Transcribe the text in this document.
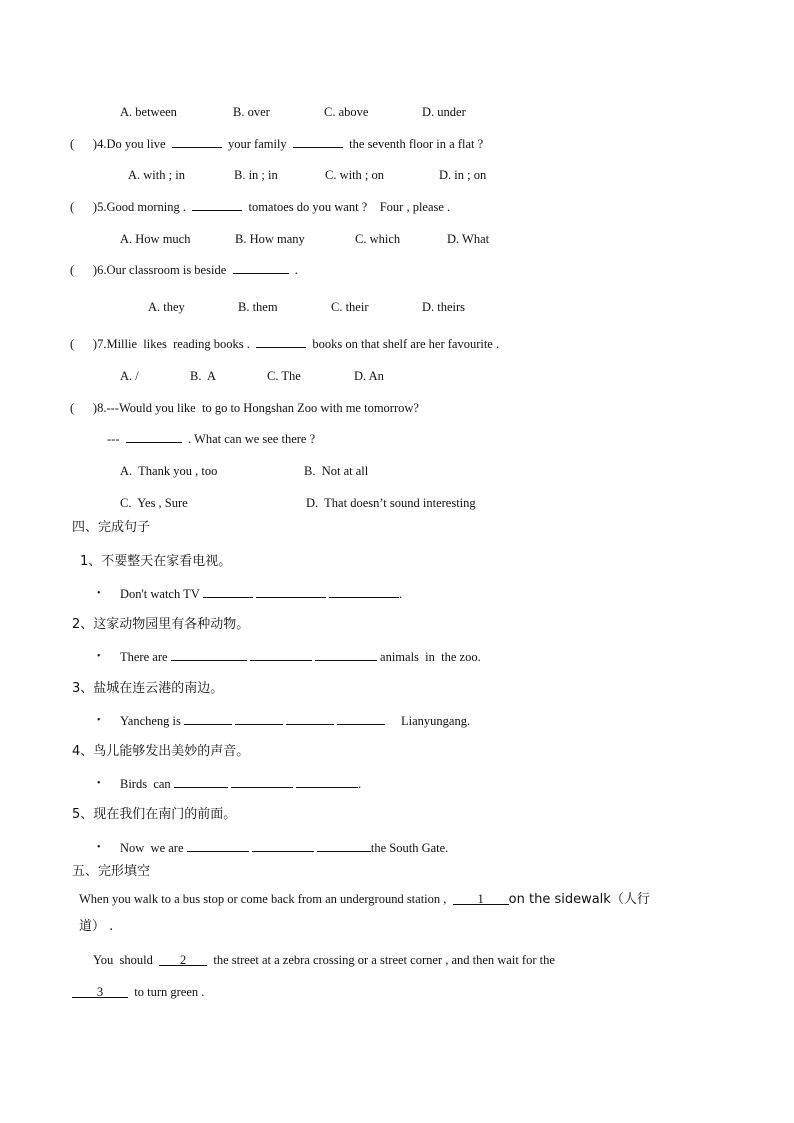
A. between	B. over	C. above	D. under
( )4.Do you live	your family	the seventh floor in a flat ?
A. with ; in	B. in ; in	C. with ; on	D. in ; on
( )5.Good morning .	tomatoes do you want ?    Four , please .
A. How much	B. How many	C. which	D. What
( )6.Our classroom is beside	.
A. they	B. them	C. their	D. theirs
( )7.Millie  likes  reading books .	books on that shelf are her favourite .
A. /	B.  A	C. The	D. An
( )8.---Would you like  to go to Hongshan Zoo with me tomorrow?
---	. What can we see there ?
A.  Thank you , too	B.  Not at all
C.  Yes , Sure	D.  That doesn’t sound interesting
四、完成句子
1、不要整天在家看电视。
• Don't watch TV	.
2、这家动物园里有各种动物。
• There are	animals  in  the zoo.
3、盐城在连云港的南边。
• Yancheng is	Lianyungang.
4、鸟儿能够发出美妙的声音。
• Birds  can	.
5、现在我们在南门的前面。
• Now  we are	the South Gate.
五、完形填空
When you walk to a bus stop or come back from an underground station , 1 on the sidewalk（人行
道） .
You  should 2 the street at a zebra crossing or a street corner , and then wait for the
3 to turn green .
